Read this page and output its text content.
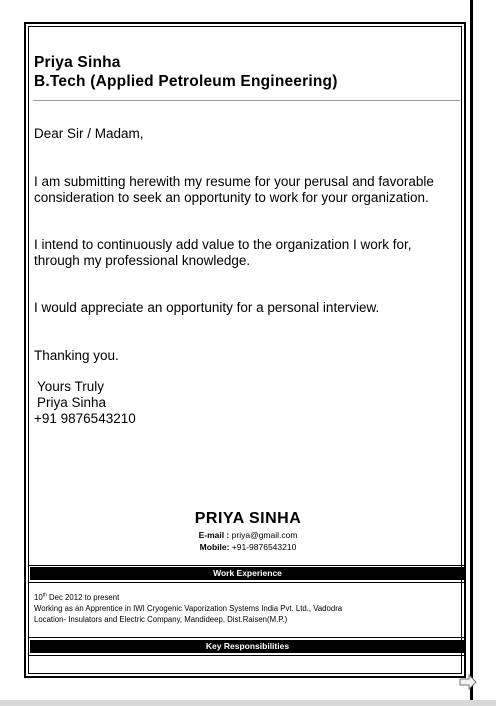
Priya Sinha
B.Tech (Applied Petroleum Engineering)
Dear Sir / Madam,
I am submitting herewith my resume for your perusal and favorable
consideration to seek an opportunity to work for your organization.
I intend to continuously add value to the organization I work for,
through my professional knowledge.
I would appreciate an opportunity for a personal interview.
Thanking you.
Yours Truly
Priya Sinha
+91 9876543210
PRIYA SINHA
E-mail : priya@gmail.com
Mobile: +91-9876543210
Work Experience
10th Dec 2012 to present
Working as an Apprentice in IWI Cryogenic Vaporization Systems India Pvt. Ltd., Vadodra
Location- Insulators and Electric Company, Mandideep, Dist.Raisen(M.P.)
Key Responsibilities
